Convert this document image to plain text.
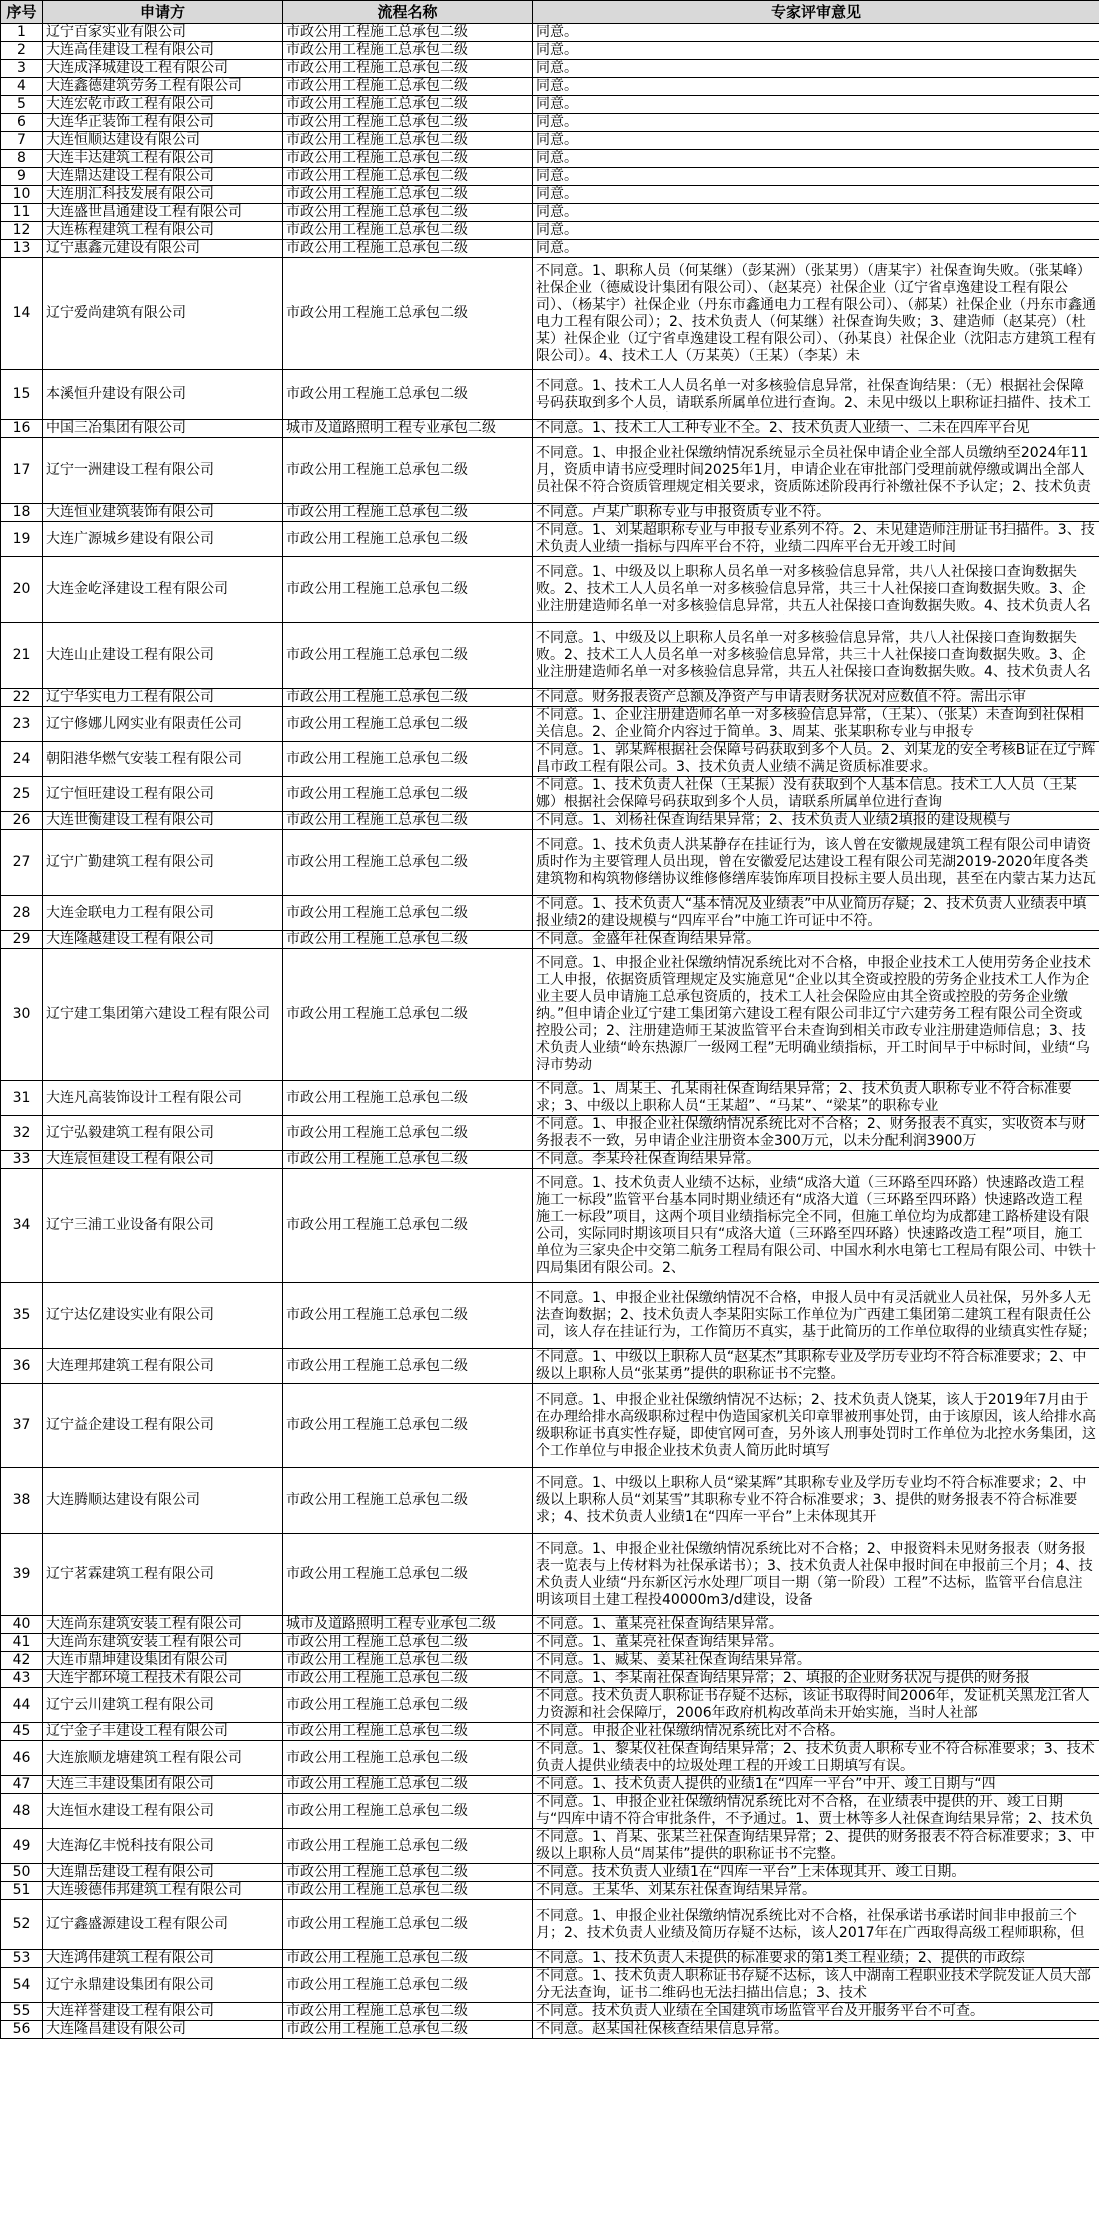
序号	申请方	流程名称	专家评审意见
1	辽宁百家实业有限公司	市政公用工程施工总承包二级	同意。

2	大连高佳建设工程有限公司	市政公用工程施工总承包二级	同意。

3	大连成泽城建设工程有限公司	市政公用工程施工总承包二级	同意。

4	大连鑫德建筑劳务工程有限公司	市政公用工程施工总承包二级	同意。

5	大连宏乾市政工程有限公司	市政公用工程施工总承包二级	同意。

6	大连华正装饰工程有限公司	市政公用工程施工总承包二级	同意。

7	大连恒顺达建设有限公司	市政公用工程施工总承包二级	同意。

8	大连丰达建筑工程有限公司	市政公用工程施工总承包二级	同意。

9	大连鼎达建设工程有限公司	市政公用工程施工总承包二级	同意。

10	大连朋汇科技发展有限公司	市政公用工程施工总承包二级	同意。

11	大连盛世昌通建设工程有限公司	市政公用工程施工总承包二级	同意。

12	大连栋程建筑工程有限公司	市政公用工程施工总承包二级	同意。

13	辽宁惠鑫元建设有限公司	市政公用工程施工总承包二级	同意。

14	辽宁爱尚建筑有限公司	市政公用工程施工总承包二级	不同意。1、职称人员（何某继）（彭某洲）（张某男）（唐某宇）社保查询失败。（张某峰）社保企业（德威设计集团有限公司）、（赵某亮）社保企业（辽宁省卓逸建设工程有限公司）、（杨某宇）社保企业（丹东市鑫通电力工程有限公司）、（郝某）社保企业（丹东市鑫通电力工程有限公司）；2、技术负责人（何某继）社保查询失败；3、建造师（赵某亮）（杜某）社保企业（辽宁省卓逸建设工程有限公司）、（孙某良）社保企业（沈阳志方建筑工程有限公司）。4、技术工人（万某英）（王某）（李某）未

15	本溪恒升建设有限公司	市政公用工程施工总承包二级	不同意。1、技术工人人员名单一对多核验信息异常，社保查询结果：（无）根据社会保障号码获取到多个人员，请联系所属单位进行查询。2、未见中级以上职称证扫描件、技术工

16	中国三冶集团有限公司	城市及道路照明工程专业承包二级	不同意。1、技术工人工种专业不全。2、技术负责人业绩一、二未在四库平台见

17	辽宁一洲建设工程有限公司	市政公用工程施工总承包二级	不同意。1、申报企业社保缴纳情况系统显示全员社保申请企业全部人员缴纳至2024年11月，资质申请书应受理时间2025年1月，申请企业在审批部门受理前就停缴或调出全部人员社保不符合资质管理规定相关要求，资质陈述阶段再行补缴社保不予认定；2、技术负责

18	大连恒业建筑装饰有限公司	市政公用工程施工总承包二级	不同意。卢某广职称专业与申报资质专业不符。

19	大连广源城乡建设有限公司	市政公用工程施工总承包二级	不同意。1、刘某超职称专业与申报专业系列不符。2、未见建造师注册证书扫描件。3、技术负责人业绩一指标与四库平台不符，业绩二四库平台无开竣工时间

20	大连金屹泽建设工程有限公司	市政公用工程施工总承包二级	不同意。1、中级及以上职称人员名单一对多核验信息异常，共八人社保接口查询数据失败。2、技术工人人员名单一对多核验信息异常，共三十人社保接口查询数据失败。3、企业注册建造师名单一对多核验信息异常，共五人社保接口查询数据失败。4、技术负责人名

21	大连山止建设工程有限公司	市政公用工程施工总承包二级	不同意。1、中级及以上职称人员名单一对多核验信息异常，共八人社保接口查询数据失败。2、技术工人人员名单一对多核验信息异常，共三十人社保接口查询数据失败。3、企业注册建造师名单一对多核验信息异常，共五人社保接口查询数据失败。4、技术负责人名

22	辽宁华实电力工程有限公司	市政公用工程施工总承包二级	不同意。财务报表资产总额及净资产与申请表财务状况对应数值不符。需出示审

23	辽宁修娜儿网实业有限责任公司	市政公用工程施工总承包二级	不同意。1、企业注册建造师名单一对多核验信息异常，（王某）、（张某）未查询到社保相关信息。2、企业简介内容过于简单。3、周某、张某职称专业与申报专

24	朝阳港华燃气安装工程有限公司	市政公用工程施工总承包二级	不同意。1、郭某辉根据社会保障号码获取到多个人员。2、刘某龙的安全考核B证在辽宁辉昌市政工程有限公司。3、技术负责人业绩不满足资质标准要求。

25	辽宁恒旺建设工程有限公司	市政公用工程施工总承包二级	不同意。1、技术负责人社保（王某振）没有获取到个人基本信息。技术工人人员（王某娜）根据社会保障号码获取到多个人员，请联系所属单位进行查询

26	大连世衡建设工程有限公司	市政公用工程施工总承包二级	不同意。1、刘杨社保查询结果异常；2、技术负责人业绩2填报的建设规模与

27	辽宁广勤建筑工程有限公司	市政公用工程施工总承包二级	不同意。1、技术负责人洪某静存在挂证行为，该人曾在安徽规晟建筑工程有限公司申请资质时作为主要管理人员出现，曾在安徽爱尼达建设工程有限公司芜湖2019-2020年度各类建筑物和构筑物修缮协议维修修缮库装饰库项目投标主要人员出现，甚至在内蒙古某力达瓦

28	大连金联电力工程有限公司	市政公用工程施工总承包二级	不同意。1、技术负责人“基本情况及业绩表”中从业简历存疑；2、技术负责人业绩表中填报业绩2的建设规模与“四库平台”中施工许可证中不符。

29	大连隆越建设工程有限公司	市政公用工程施工总承包二级	不同意。金盛年社保查询结果异常。

30	辽宁建工集团第六建设工程有限公司	市政公用工程施工总承包二级	不同意。1、申报企业社保缴纳情况系统比对不合格，申报企业技术工人使用劳务企业技术工人申报，依据资质管理规定及实施意见“企业以其全资或控股的劳务企业技术工人作为企业主要人员申请施工总承包资质的，技术工人社会保险应由其全资或控股的劳务企业缴纳。”但申请企业辽宁建工集团第六建设工程有限公司非辽宁六建劳务工程有限公司全资或控股公司；2、注册建造师王某波监管平台未查询到相关市政专业注册建造师信息；3、技术负责人业绩“岭东热源厂一级网工程”无明确业绩指标，开工时间早于中标时间，业绩“乌浔市势动

31	大连凡高装饰设计工程有限公司	市政公用工程施工总承包二级	不同意。1、周某王、孔某雨社保查询结果异常；2、技术负责人职称专业不符合标准要求；3、中级以上职称人员“王某超”、“马某”、“梁某”的职称专业

32	辽宁弘毅建筑工程有限公司	市政公用工程施工总承包二级	不同意。1、申报企业社保缴纳情况系统比对不合格；2、财务报表不真实，实收资本与财务报表不一致，另申请企业注册资本金300万元，以未分配利润3900万

33	大连宸恒建设工程有限公司	市政公用工程施工总承包二级	不同意。李某玲社保查询结果异常。

34	辽宁三浦工业设备有限公司	市政公用工程施工总承包二级	不同意。1、技术负责人业绩不达标，业绩“成洛大道（三环路至四环路）快速路改造工程施工一标段”监管平台基本同时期业绩还有“成洛大道（三环路至四环路）快速路改造工程施工一标段”项目，这两个项目业绩指标完全不同，但施工单位均为成都建工路桥建设有限公司，实际同时期该项目只有“成洛大道（三环路至四环路）快速路改造工程”项目，施工单位为三家央企中交第二航务工程局有限公司、中国水利水电第七工程局有限公司、中铁十四局集团有限公司。2、

35	辽宁达亿建设实业有限公司	市政公用工程施工总承包二级	不同意。1、申报企业社保缴纳情况不合格，申报人员中有灵活就业人员社保，另外多人无法查询数据；2、技术负责人李某阳实际工作单位为广西建工集团第二建筑工程有限责任公司，该人存在挂证行为，工作简历不真实，基于此简历的工作单位取得的业绩真实性存疑；

36	大连理邦建筑工程有限公司	市政公用工程施工总承包二级	不同意。1、中级以上职称人员“赵某杰”其职称专业及学历专业均不符合标准要求；2、中级以上职称人员“张某勇”提供的职称证书不完整。

37	辽宁益企建设工程有限公司	市政公用工程施工总承包二级	不同意。1、申报企业社保缴纳情况不达标；2、技术负责人饶某，该人于2019年7月由于在办理给排水高级职称过程中伪造国家机关印章罪被刑事处罚，由于该原因，该人给排水高级职称证书真实性存疑，即使官网可查，另外该人刑事处罚时工作单位为北控水务集团，这个工作单位与申报企业技术负责人简历此时填写

38	大连腾顺达建设有限公司	市政公用工程施工总承包二级	不同意。1、中级以上职称人员“梁某辉”其职称专业及学历专业均不符合标准要求；2、中级以上职称人员“刘某雪”其职称专业不符合标准要求；3、提供的财务报表不符合标准要求；4、技术负责人业绩1在“四库一平台”上未体现其开

39	辽宁茗霖建筑工程有限公司	市政公用工程施工总承包二级	不同意。1、申报企业社保缴纳情况系统比对不合格；2、申报资料未见财务报表（财务报表一览表与上传材料为社保承诺书）；3、技术负责人社保申报时间在申报前三个月；4、技术负责人业绩“丹东新区污水处理厂项目一期（第一阶段）工程”不达标，监管平台信息注明该项目土建工程投40000m3/d建设，设备

40	大连尚东建筑安装工程有限公司	城市及道路照明工程专业承包二级	不同意。1、董某亮社保查询结果异常。

41	大连尚东建筑安装工程有限公司	市政公用工程施工总承包二级	不同意。1、董某亮社保查询结果异常。

42	大连市鼎坤建设集团有限公司	市政公用工程施工总承包二级	不同意。1、臧某、姜某社保查询结果异常。

43	大连宇都环境工程技术有限公司	市政公用工程施工总承包二级	不同意。1、李某南社保查询结果异常；2、填报的企业财务状况与提供的财务报

44	辽宁云川建筑工程有限公司	市政公用工程施工总承包二级	不同意。技术负责人职称证书存疑不达标，该证书取得时间2006年，发证机关黑龙江省人力资源和社会保障厅，2006年政府机构改革尚未开始实施，当时人社部

45	辽宁金子丰建设工程有限公司	市政公用工程施工总承包二级	不同意。申报企业社保缴纳情况系统比对不合格。

46	大连旅顺龙塘建筑工程有限公司	市政公用工程施工总承包二级	不同意。1、黎某仪社保查询结果异常；2、技术负责人职称专业不符合标准要求；3、技术负责人提供业绩表中的垃圾处理工程的开竣工日期填写有误。

47	大连三丰建设集团有限公司	市政公用工程施工总承包二级	不同意。1、技术负责人提供的业绩1在“四库一平台”中开、竣工日期与“四

48	大连恒水建设工程有限公司	市政公用工程施工总承包二级	不同意。1、申报企业社保缴纳情况系统比对不合格，在业绩表中提供的开、竣工日期与“四库中请不符合审批条件，不予通过。1、贾士林等多人社保查询结果异常；2、技术负

49	大连海亿丰悦科技有限公司	市政公用工程施工总承包二级	不同意。1、肖某、张某兰社保查询结果异常；2、提供的财务报表不符合标准要求；3、中级以上职称人员“周某伟”提供的职称证书不完整。

50	大连鼎岳建设工程有限公司	市政公用工程施工总承包二级	不同意。技术负责人业绩1在“四库一平台”上未体现其开、竣工日期。

51	大连骏德伟邦建筑工程有限公司	市政公用工程施工总承包二级	不同意。王某华、刘某东社保查询结果异常。

52	辽宁鑫盛源建设工程有限公司	市政公用工程施工总承包二级	不同意。1、申报企业社保缴纳情况系统比对不合格，社保承诺书承诺时间非申报前三个月；2、技术负责人业绩及简历存疑不达标，该人2017年在广西取得高级工程师职称，但

53	大连鸿伟建筑工程有限公司	市政公用工程施工总承包二级	不同意。1、技术负责人未提供的标准要求的第1类工程业绩；2、提供的市政综

54	辽宁永鼎建设集团有限公司	市政公用工程施工总承包二级	不同意。1、技术负责人职称证书存疑不达标，该人中湖南工程职业技术学院发证人员大部分无法查询，证书二维码也无法扫描出信息；3、技术

55	大连祥誉建设工程有限公司	市政公用工程施工总承包二级	不同意。技术负责人业绩在全国建筑市场监管平台及开服务平台不可查。

56	大连隆昌建设有限公司	市政公用工程施工总承包二级	不同意。赵某国社保核查结果信息异常。
